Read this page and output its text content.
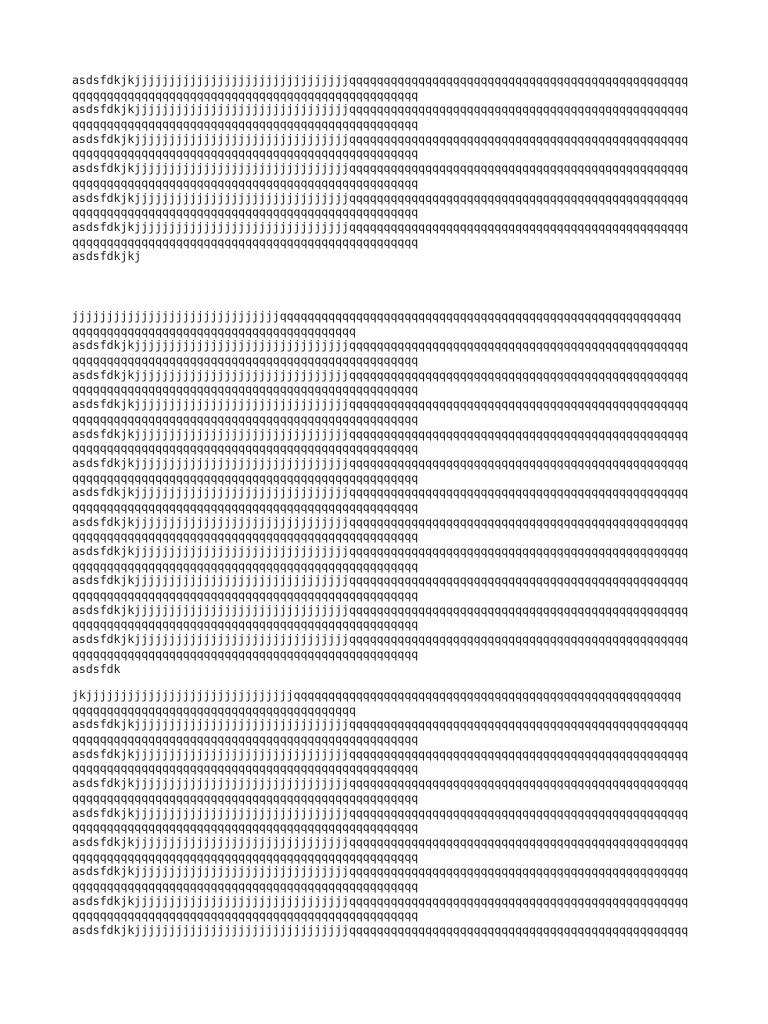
asdsfdkjkjjjjjjjjjjjjjjjjjjjjjjjjjjjjjjjqqqqqqqqqqqqqqqqqqqqqqqqqqqqqqqqqqqqqqqqqqqqqqqqq
qqqqqqqqqqqqqqqqqqqqqqqqqqqqqqqqqqqqqqqqqqqqqqqqqq
asdsfdkjkjjjjjjjjjjjjjjjjjjjjjjjjjjjjjjjqqqqqqqqqqqqqqqqqqqqqqqqqqqqqqqqqqqqqqqqqqqqqqqqq
qqqqqqqqqqqqqqqqqqqqqqqqqqqqqqqqqqqqqqqqqqqqqqqqqq
asdsfdkjkjjjjjjjjjjjjjjjjjjjjjjjjjjjjjjjqqqqqqqqqqqqqqqqqqqqqqqqqqqqqqqqqqqqqqqqqqqqqqqqq
qqqqqqqqqqqqqqqqqqqqqqqqqqqqqqqqqqqqqqqqqqqqqqqqqq
asdsfdkjkjjjjjjjjjjjjjjjjjjjjjjjjjjjjjjjqqqqqqqqqqqqqqqqqqqqqqqqqqqqqqqqqqqqqqqqqqqqqqqqq
qqqqqqqqqqqqqqqqqqqqqqqqqqqqqqqqqqqqqqqqqqqqqqqqqq
asdsfdkjkjjjjjjjjjjjjjjjjjjjjjjjjjjjjjjjqqqqqqqqqqqqqqqqqqqqqqqqqqqqqqqqqqqqqqqqqqqqqqqqq
qqqqqqqqqqqqqqqqqqqqqqqqqqqqqqqqqqqqqqqqqqqqqqqqqq
asdsfdkjkjjjjjjjjjjjjjjjjjjjjjjjjjjjjjjjqqqqqqqqqqqqqqqqqqqqqqqqqqqqqqqqqqqqqqqqqqqqqqqqq
qqqqqqqqqqqqqqqqqqqqqqqqqqqqqqqqqqqqqqqqqqqqqqqqqq
asdsfdkjkj

jjjjjjjjjjjjjjjjjjjjjjjjjjjjjjqqqqqqqqqqqqqqqqqqqqqqqqqqqqqqqqqqqqqqqqqqqqqqqqqqqqqqqqqq
qqqqqqqqqqqqqqqqqqqqqqqqqqqqqqqqqqqqqqqqq
asdsfdkjkjjjjjjjjjjjjjjjjjjjjjjjjjjjjjjjqqqqqqqqqqqqqqqqqqqqqqqqqqqqqqqqqqqqqqqqqqqqqqqqq
qqqqqqqqqqqqqqqqqqqqqqqqqqqqqqqqqqqqqqqqqqqqqqqqqq
asdsfdkjkjjjjjjjjjjjjjjjjjjjjjjjjjjjjjjjqqqqqqqqqqqqqqqqqqqqqqqqqqqqqqqqqqqqqqqqqqqqqqqqq
qqqqqqqqqqqqqqqqqqqqqqqqqqqqqqqqqqqqqqqqqqqqqqqqqq
asdsfdkjkjjjjjjjjjjjjjjjjjjjjjjjjjjjjjjjqqqqqqqqqqqqqqqqqqqqqqqqqqqqqqqqqqqqqqqqqqqqqqqqq
qqqqqqqqqqqqqqqqqqqqqqqqqqqqqqqqqqqqqqqqqqqqqqqqqq
asdsfdkjkjjjjjjjjjjjjjjjjjjjjjjjjjjjjjjjqqqqqqqqqqqqqqqqqqqqqqqqqqqqqqqqqqqqqqqqqqqqqqqqq
qqqqqqqqqqqqqqqqqqqqqqqqqqqqqqqqqqqqqqqqqqqqqqqqqq
asdsfdkjkjjjjjjjjjjjjjjjjjjjjjjjjjjjjjjjqqqqqqqqqqqqqqqqqqqqqqqqqqqqqqqqqqqqqqqqqqqqqqqqq
qqqqqqqqqqqqqqqqqqqqqqqqqqqqqqqqqqqqqqqqqqqqqqqqqq
asdsfdkjkjjjjjjjjjjjjjjjjjjjjjjjjjjjjjjjqqqqqqqqqqqqqqqqqqqqqqqqqqqqqqqqqqqqqqqqqqqqqqqqq
qqqqqqqqqqqqqqqqqqqqqqqqqqqqqqqqqqqqqqqqqqqqqqqqqq
asdsfdkjkjjjjjjjjjjjjjjjjjjjjjjjjjjjjjjjqqqqqqqqqqqqqqqqqqqqqqqqqqqqqqqqqqqqqqqqqqqqqqqqq
qqqqqqqqqqqqqqqqqqqqqqqqqqqqqqqqqqqqqqqqqqqqqqqqqq
asdsfdkjkjjjjjjjjjjjjjjjjjjjjjjjjjjjjjjjqqqqqqqqqqqqqqqqqqqqqqqqqqqqqqqqqqqqqqqqqqqqqqqqq
qqqqqqqqqqqqqqqqqqqqqqqqqqqqqqqqqqqqqqqqqqqqqqqqqq
asdsfdkjkjjjjjjjjjjjjjjjjjjjjjjjjjjjjjjjqqqqqqqqqqqqqqqqqqqqqqqqqqqqqqqqqqqqqqqqqqqqqqqqq
qqqqqqqqqqqqqqqqqqqqqqqqqqqqqqqqqqqqqqqqqqqqqqqqqq
asdsfdkjkjjjjjjjjjjjjjjjjjjjjjjjjjjjjjjjqqqqqqqqqqqqqqqqqqqqqqqqqqqqqqqqqqqqqqqqqqqqqqqqq
qqqqqqqqqqqqqqqqqqqqqqqqqqqqqqqqqqqqqqqqqqqqqqqqqq
asdsfdkjkjjjjjjjjjjjjjjjjjjjjjjjjjjjjjjjqqqqqqqqqqqqqqqqqqqqqqqqqqqqqqqqqqqqqqqqqqqqqqqqq
qqqqqqqqqqqqqqqqqqqqqqqqqqqqqqqqqqqqqqqqqqqqqqqqqq
asdsfdk

jkjjjjjjjjjjjjjjjjjjjjjjjjjjjjjjqqqqqqqqqqqqqqqqqqqqqqqqqqqqqqqqqqqqqqqqqqqqqqqqqqqqqqqq
qqqqqqqqqqqqqqqqqqqqqqqqqqqqqqqqqqqqqqqqq
asdsfdkjkjjjjjjjjjjjjjjjjjjjjjjjjjjjjjjjqqqqqqqqqqqqqqqqqqqqqqqqqqqqqqqqqqqqqqqqqqqqqqqqq
qqqqqqqqqqqqqqqqqqqqqqqqqqqqqqqqqqqqqqqqqqqqqqqqqq
asdsfdkjkjjjjjjjjjjjjjjjjjjjjjjjjjjjjjjjqqqqqqqqqqqqqqqqqqqqqqqqqqqqqqqqqqqqqqqqqqqqqqqqq
qqqqqqqqqqqqqqqqqqqqqqqqqqqqqqqqqqqqqqqqqqqqqqqqqq
asdsfdkjkjjjjjjjjjjjjjjjjjjjjjjjjjjjjjjjqqqqqqqqqqqqqqqqqqqqqqqqqqqqqqqqqqqqqqqqqqqqqqqqq
qqqqqqqqqqqqqqqqqqqqqqqqqqqqqqqqqqqqqqqqqqqqqqqqqq
asdsfdkjkjjjjjjjjjjjjjjjjjjjjjjjjjjjjjjjqqqqqqqqqqqqqqqqqqqqqqqqqqqqqqqqqqqqqqqqqqqqqqqqq
qqqqqqqqqqqqqqqqqqqqqqqqqqqqqqqqqqqqqqqqqqqqqqqqqq
asdsfdkjkjjjjjjjjjjjjjjjjjjjjjjjjjjjjjjjqqqqqqqqqqqqqqqqqqqqqqqqqqqqqqqqqqqqqqqqqqqqqqqqq
qqqqqqqqqqqqqqqqqqqqqqqqqqqqqqqqqqqqqqqqqqqqqqqqqq
asdsfdkjkjjjjjjjjjjjjjjjjjjjjjjjjjjjjjjjqqqqqqqqqqqqqqqqqqqqqqqqqqqqqqqqqqqqqqqqqqqqqqqqq
qqqqqqqqqqqqqqqqqqqqqqqqqqqqqqqqqqqqqqqqqqqqqqqqqq
asdsfdkjkjjjjjjjjjjjjjjjjjjjjjjjjjjjjjjjqqqqqqqqqqqqqqqqqqqqqqqqqqqqqqqqqqqqqqqqqqqqqqqqq
qqqqqqqqqqqqqqqqqqqqqqqqqqqqqqqqqqqqqqqqqqqqqqqqqq
asdsfdkjkjjjjjjjjjjjjjjjjjjjjjjjjjjjjjjjqqqqqqqqqqqqqqqqqqqqqqqqqqqqqqqqqqqqqqqqqqqqqqqqq
